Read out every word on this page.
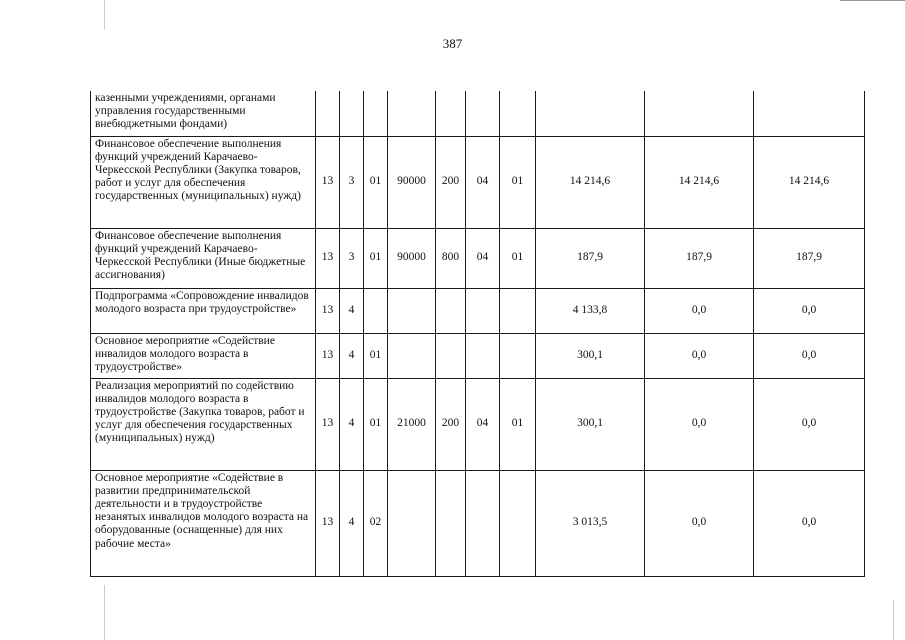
387
казенными учреждениями, органами управления государственными внебюджетными фондами)										
Финансовое обеспечение выполнения функций учреждений Карачаево-Черкесской Республики (Закупка товаров, работ и услуг для обеспечения государственных (муниципальных) нужд)	13	3	01	90000	200	04	01	14 214,6	14 214,6	14 214,6
Финансовое обеспечение выполнения функций учреждений Карачаево-Черкесской Республики (Иные бюджетные ассигнования)	13	3	01	90000	800	04	01	187,9	187,9	187,9
Подпрограмма «Сопровождение инвалидов молодого возраста при трудоустройстве»	13	4						4 133,8	0,0	0,0
Основное мероприятие «Содействие инвалидов молодого возраста в трудоустройстве»	13	4	01					300,1	0,0	0,0
Реализация мероприятий по содействию инвалидов молодого возраста в трудоустройстве (Закупка товаров, работ и услуг для обеспечения государственных (муниципальных) нужд)	13	4	01	21000	200	04	01	300,1	0,0	0,0
Основное мероприятие «Содействие в развитии предпринимательской деятельности и в трудоустройстве незанятых инвалидов молодого возраста на оборудованные (оснащенные) для них рабочие места»	13	4	02					3 013,5	0,0	0,0
